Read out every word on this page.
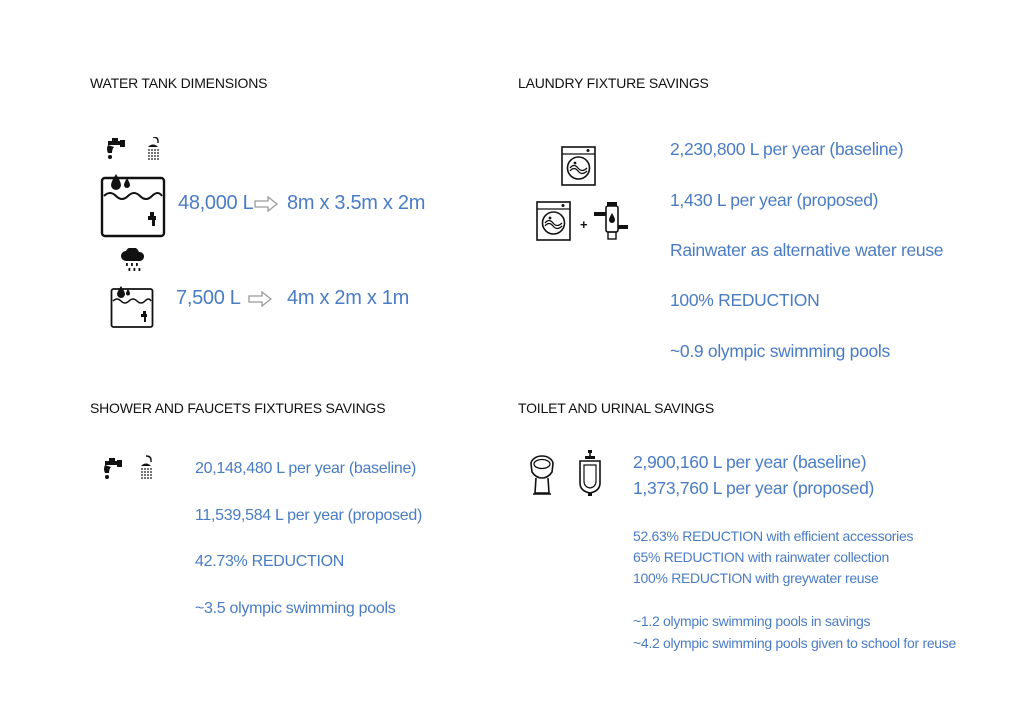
WATER TANK DIMENSIONS
48,000 L 8m x 3.5m x 2m
7,500 L 4m x 2m x 1m
LAUNDRY FIXTURE SAVINGS
+
2,230,800 L per year (baseline)
1,430 L per year (proposed)
Rainwater as alternative water reuse
100% REDUCTION
~0.9 olympic swimming pools
SHOWER AND FAUCETS FIXTURES SAVINGS
20,148,480 L per year (baseline)
11,539,584 L per year (proposed)
42.73% REDUCTION
~3.5 olympic swimming pools
TOILET AND URINAL SAVINGS
2,900,160 L per year (baseline)
1,373,760 L per year (proposed)
52.63% REDUCTION with efficient accessories
65% REDUCTION with rainwater collection
100% REDUCTION with greywater reuse
~1.2 olympic swimming pools in savings
~4.2 olympic swimming pools given to school for reuse
